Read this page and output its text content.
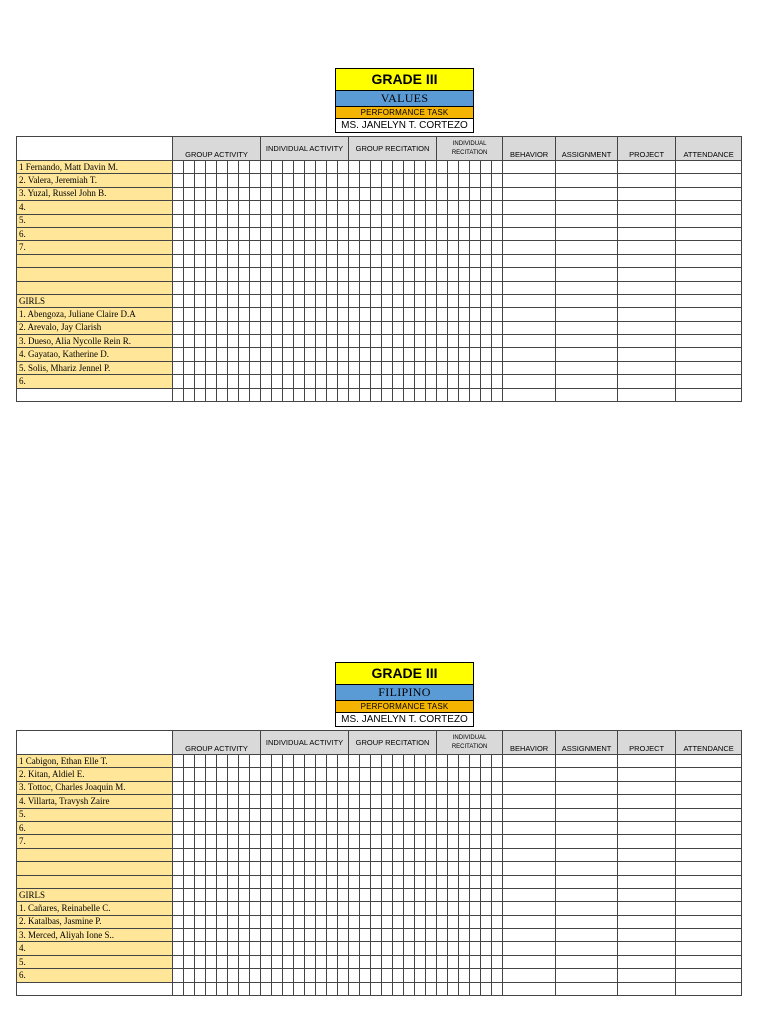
GRADE III
VALUES
PERFORMANCE TASK
MS. JANELYN T. CORTEZO
	GROUP ACTIVITY								INDIVIDUAL ACTIVITY								GROUP RECITATION								INDIVIDUAL RECITATION						BEHAVIOR	ASSIGNMENT	PROJECT	ATTENDANCE
1 Fernando, Matt Davin M.																																		
2. Valera, Jeremiah T.																																		
3. Yuzal, Russel John B.																																		
4.																																		
5.																																		
6.																																		
7.																																		

GIRLS																																		
1. Abengoza, Juliane Claire D.A																																		
2. Arevalo, Jay Clarish																																		
3. Dueso, Alia Nycolle Rein R.																																		
4. Gayatao, Katherine D.																																		
5. Solis, Mhariz Jennel P.																																		
6.																																		

GRADE III
FILIPINO
PERFORMANCE TASK
MS. JANELYN T. CORTEZO
	GROUP ACTIVITY								INDIVIDUAL ACTIVITY								GROUP RECITATION								INDIVIDUAL RECITATION						BEHAVIOR	ASSIGNMENT	PROJECT	ATTENDANCE
1 Cabigon, Ethan Elle T.																																		
2. Kitan, Aldiel E.																																		
3. Tottoc, Charles Joaquin M.																																		
4. Villarta, Travysh Zaire																																		
5.																																		
6.																																		
7.																																		

GIRLS																																		
1. Cañares, Reinabelle C.																																		
2. Katalbas, Jasmine P.																																		
3. Merced, Aliyah Ione S..																																		
4.																																		
5.																																		
6.																																		
